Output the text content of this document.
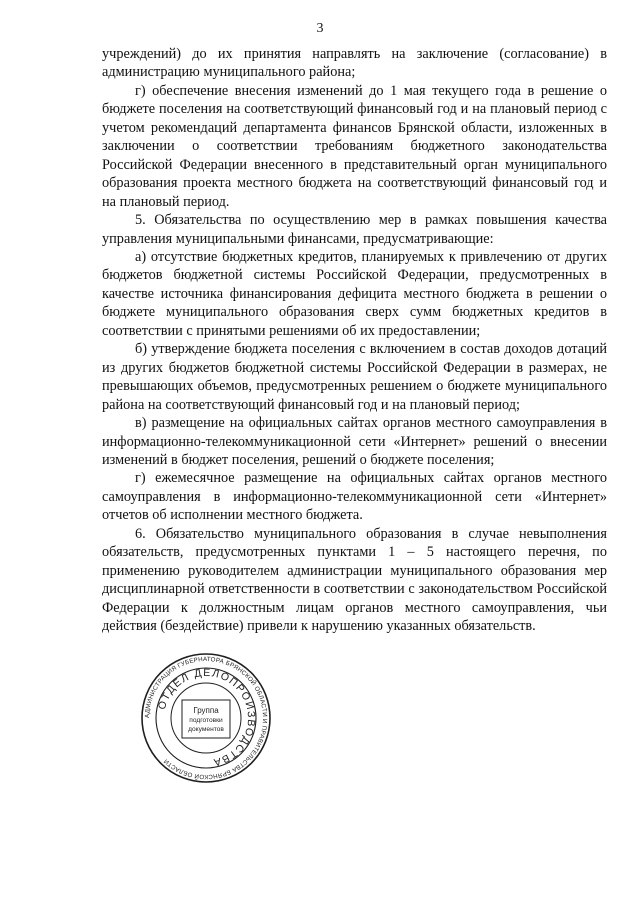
3

учреждений) до их принятия направлять на заключение (согласование) в администрацию муниципального района;

г) обеспечение внесения изменений до 1 мая текущего года в решение о бюджете поселения на соответствующий финансовый год и на плановый период с учетом рекомендаций департамента финансов Брянской области, изложенных в заключении о соответствии требованиям бюджетного законодательства Российской Федерации внесенного в представительный орган муниципального образования проекта местного бюджета на соответствующий финансовый год и на плановый период.

5. Обязательства по осуществлению мер в рамках повышения качества управления муниципальными финансами, предусматривающие:

а) отсутствие бюджетных кредитов, планируемых к привлечению от других бюджетов бюджетной системы Российской Федерации, предусмотренных в качестве источника финансирования дефицита местного бюджета в решении о бюджете муниципального образования сверх сумм бюджетных кредитов в соответствии с принятыми решениями об их предоставлении;

б) утверждение бюджета поселения с включением в состав доходов дотаций из других бюджетов бюджетной системы Российской Федерации в размерах, не превышающих объемов, предусмотренных решением о бюджете муниципального района на соответствующий финансовый год и на плановый период;

в) размещение на официальных сайтах органов местного самоуправления в информационно-телекоммуникационной сети «Интернет» решений о внесении изменений в бюджет поселения, решений о бюджете поселения;

г) ежемесячное размещение на официальных сайтах органов местного самоуправления в информационно-телекоммуникационной сети «Интернет» отчетов об исполнении местного бюджета.

6. Обязательство муниципального образования в случае невыполнения обязательств, предусмотренных пунктами 1 – 5 настоящего перечня, по применению руководителем администрации муниципального образования мер дисциплинарной ответственности в соответствии с законодательством Российской Федерации к должностным лицам органов местного самоуправления, чьи действия (бездействие) привели к нарушению указанных обязательств.

АДМИНИСТРАЦИЯ ГУБЕРНАТОРА БРЯНСКОЙ ОБЛАСТИ И ПРАВИТЕЛЬСТВА БРЯНСКОЙ ОБЛАСТИ
ОТДЕЛ ДЕЛОПРОИЗВОДСТВА
Группа
подготовки
документов
